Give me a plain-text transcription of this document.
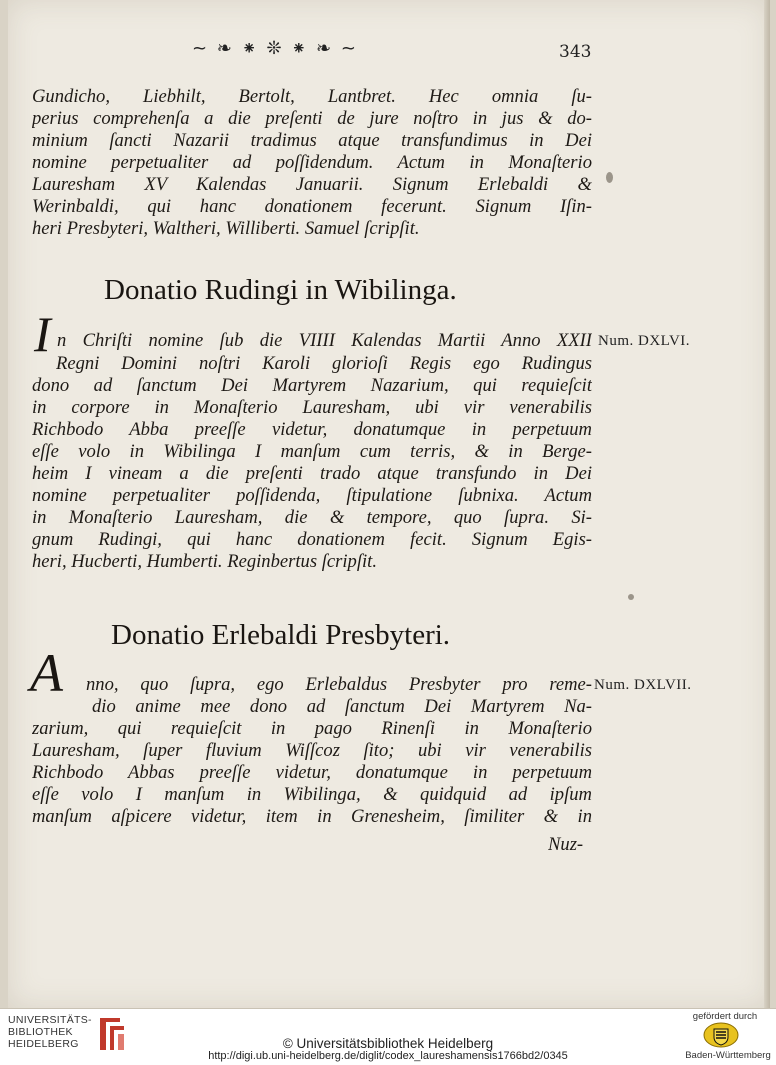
~ ❧ ⁕ ❊ ⁕ ❧ ~	343
Gundicho, Liebhilt, Bertolt, Lantbret. Hec omnia ſu-
perius comprehenſa a die preſenti de jure noſtro in jus & do-
minium ſancti Nazarii tradimus atque transfundimus in Dei
nomine perpetualiter ad poſſidendum. Actum in Monaſterio
Lauresham XV Kalendas Januarii. Signum Erlebaldi &
Werinbaldi, qui hanc donationem fecerunt. Signum Iſin-
heri Presbyteri, Waltheri, Williberti. Samuel ſcripſit.
Donatio Rudingi in Wibilinga.
I n Chriſti nomine ſub die VIIII Kalendas Martii Anno XXII Num. DXLVI.
Regni Domini noſtri Karoli glorioſi Regis ego Rudingus
dono ad ſanctum Dei Martyrem Nazarium, qui requieſcit
in corpore in Monaſterio Lauresham, ubi vir venerabilis
Richbodo Abba preeſſe videtur, donatumque in perpetuum
eſſe volo in Wibilinga I manſum cum terris, & in Berge-
heim I vineam a die preſenti trado atque transfundo in Dei
nomine perpetualiter poſſidenda, ſtipulatione ſubnixa. Actum
in Monaſterio Lauresham, die & tempore, quo ſupra. Si-
gnum Rudingi, qui hanc donationem fecit. Signum Egis-
heri, Hucberti, Humberti. Reginbertus ſcripſit.
Donatio Erlebaldi Presbyteri.
A nno, quo ſupra, ego Erlebaldus Presbyter pro reme- Num. DXLVII.
dio anime mee dono ad ſanctum Dei Martyrem Na-
zarium, qui requieſcit in pago Rinenſi in Monaſterio
Lauresham, ſuper fluvium Wiſſcoz ſito; ubi vir venerabilis
Richbodo Abbas preeſſe videtur, donatumque in perpetuum
eſſe volo I manſum in Wibilinga, & quidquid ad ipſum
manſum aſpicere videtur, item in Grenesheim, ſimiliter & in
Nuz-
UNIVERSITÄTS-
BIBLIOTHEK
HEIDELBERG	© Universitätsbibliothek Heidelberg
http://digi.ub.uni-heidelberg.de/diglit/codex_laureshamensis1766bd2/0345
gefördert durch
Baden-Württemberg
